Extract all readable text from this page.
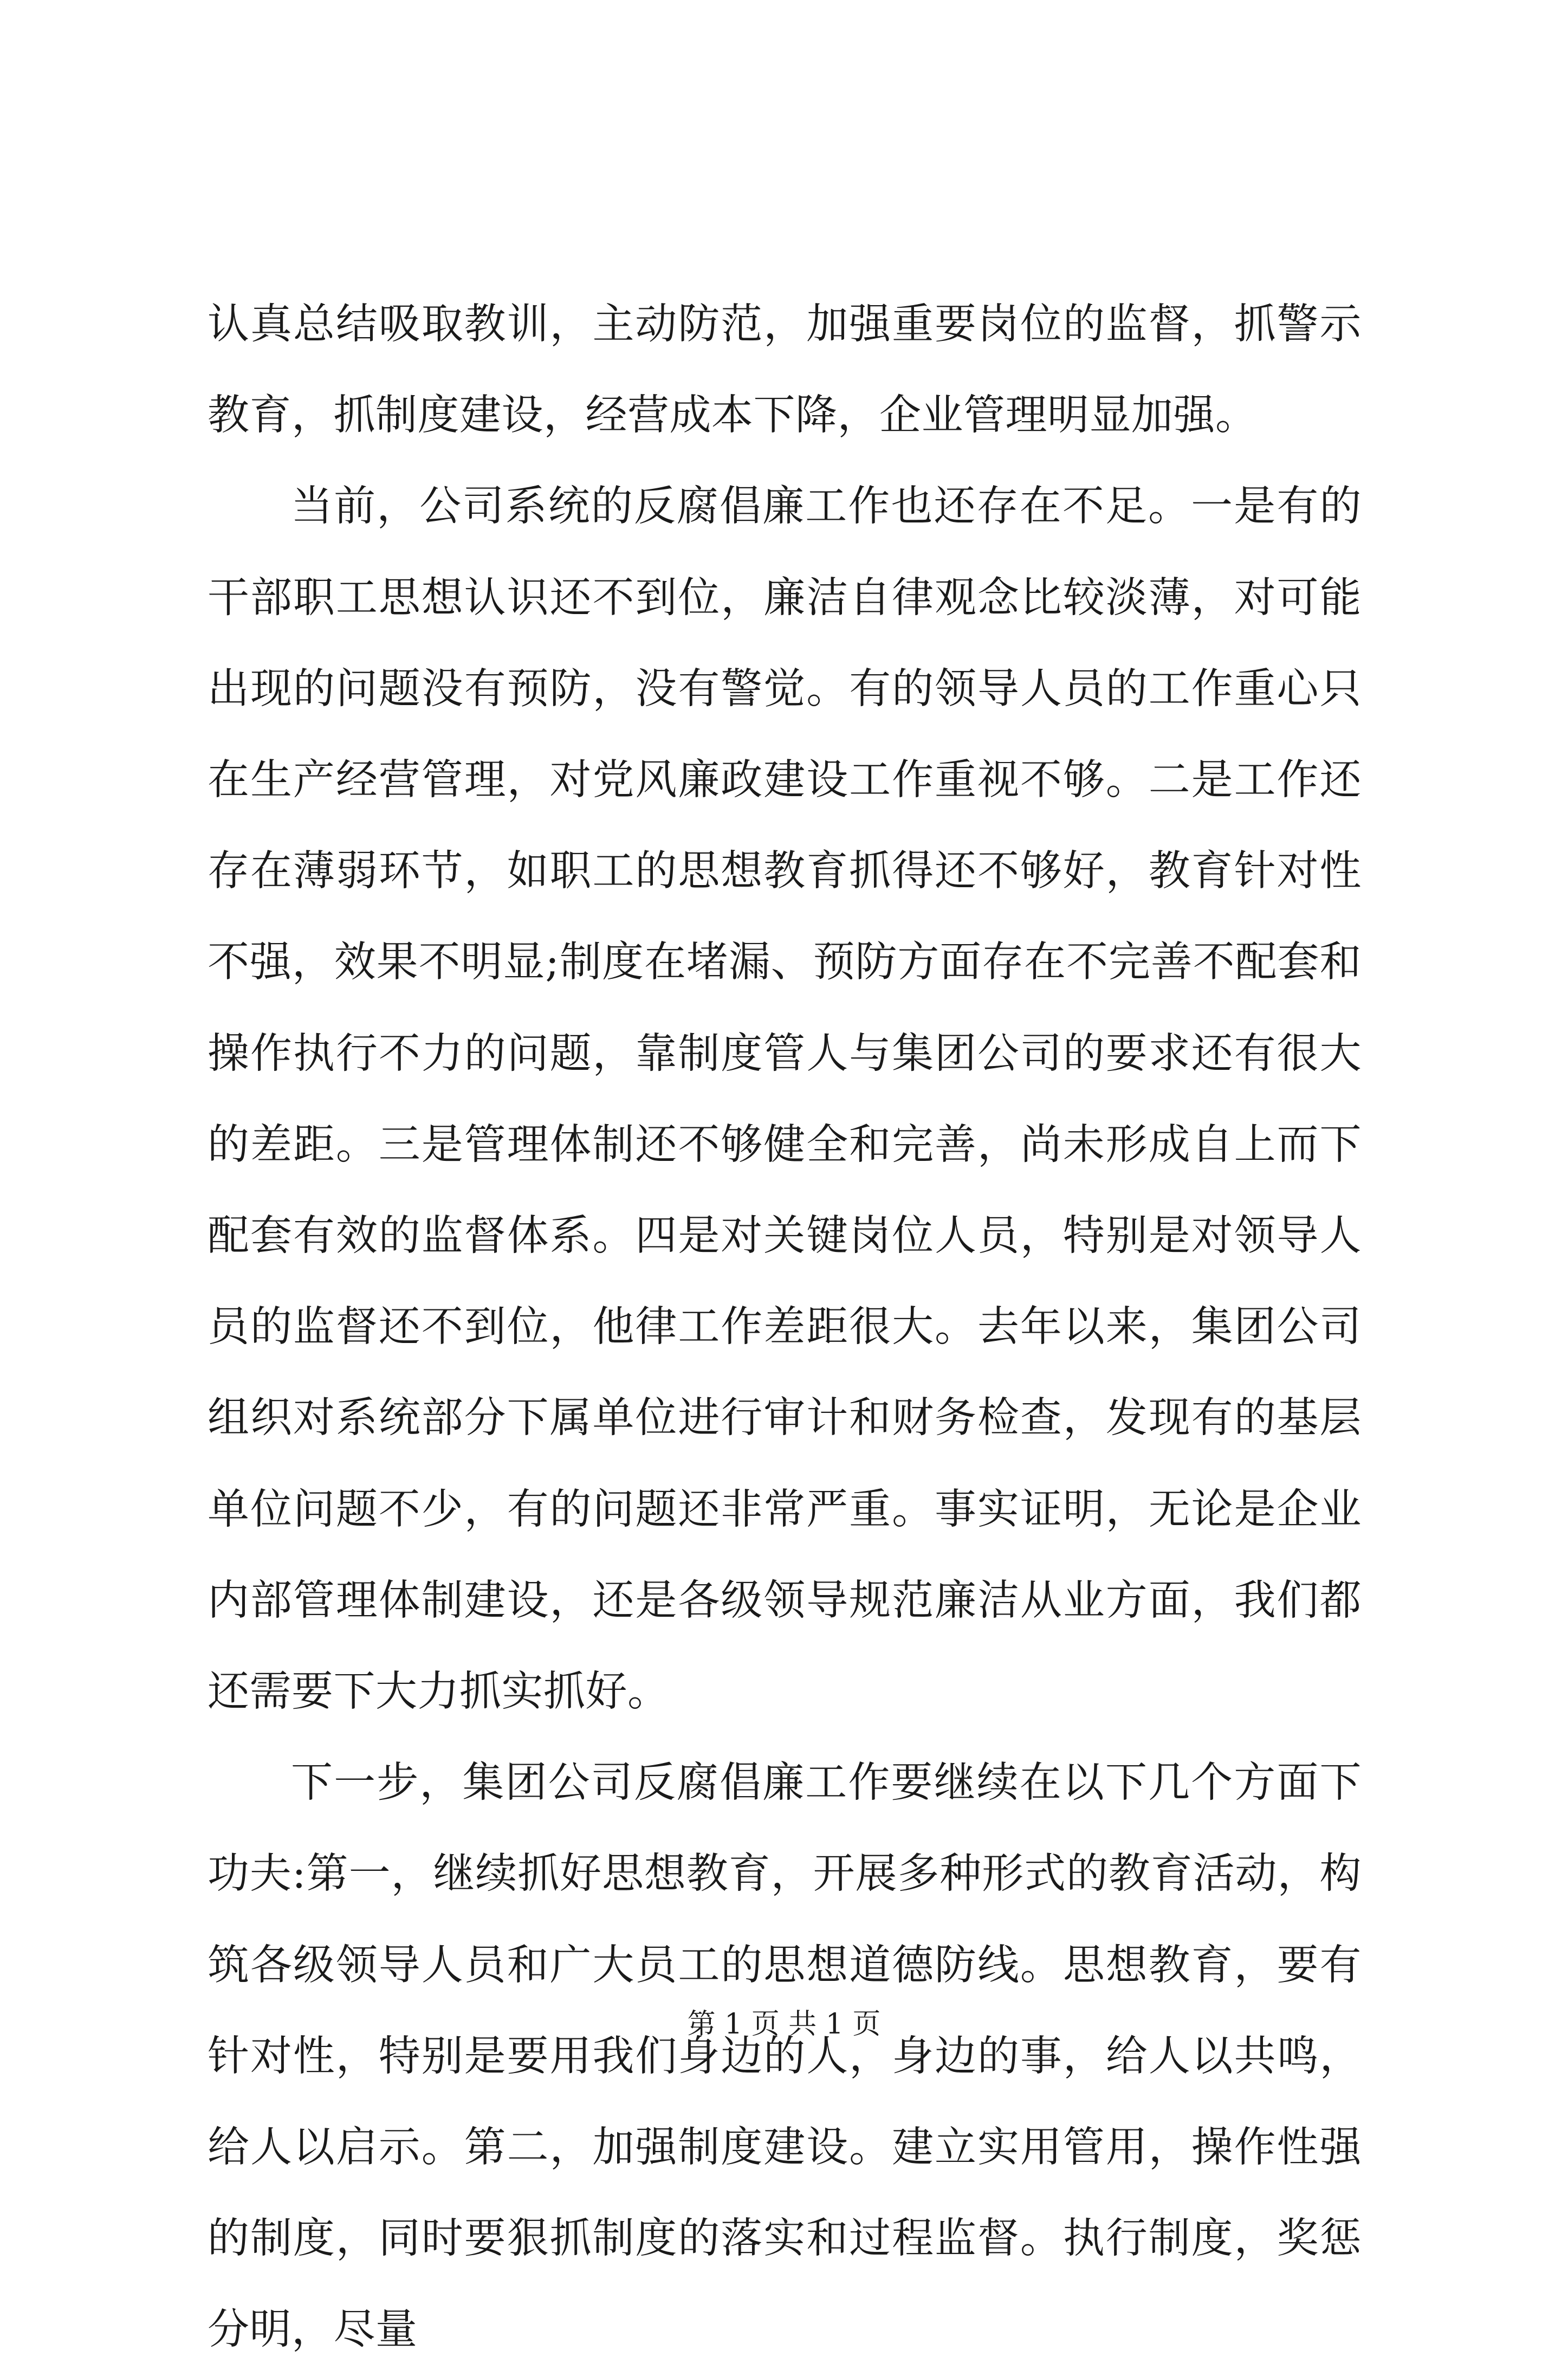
认真总结吸取教训，主动防范，加强重要岗位的监督，抓警示教育，抓制度建设，经营成本下降，企业管理明显加强。

当前，公司系统的反腐倡廉工作也还存在不足。一是有的干部职工思想认识还不到位，廉洁自律观念比较淡薄，对可能出现的问题没有预防，没有警觉。有的领导人员的工作重心只在生产经营管理，对党风廉政建设工作重视不够。二是工作还存在薄弱环节，如职工的思想教育抓得还不够好，教育针对性不强，效果不明显;制度在堵漏、预防方面存在不完善不配套和操作执行不力的问题，靠制度管人与集团公司的要求还有很大的差距。三是管理体制还不够健全和完善，尚未形成自上而下配套有效的监督体系。四是对关键岗位人员，特别是对领导人员的监督还不到位，他律工作差距很大。去年以来，集团公司组织对系统部分下属单位进行审计和财务检查，发现有的基层单位问题不少，有的问题还非常严重。事实证明，无论是企业内部管理体制建设，还是各级领导规范廉洁从业方面，我们都还需要下大力抓实抓好。

下一步，集团公司反腐倡廉工作要继续在以下几个方面下功夫:第一，继续抓好思想教育，开展多种形式的教育活动，构筑各级领导人员和广大员工的思想道德防线。思想教育，要有针对性，特别是要用我们身边的人，身边的事，给人以共鸣，给人以启示。第二，加强制度建设。建立实用管用，操作性强的制度，同时要狠抓制度的落实和过程监督。执行制度，奖惩分明，尽量

第 1 页 共 1 页
